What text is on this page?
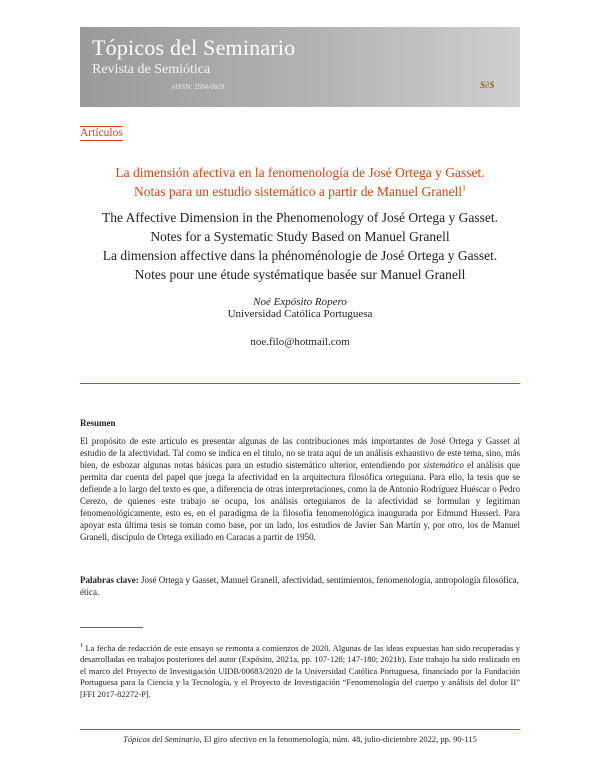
Tópicos del Seminario
Revista de Semiótica
eISSN: 2594-0619	S∂S
Artículos
La dimensión afectiva en la fenomenología de José Ortega y Gasset.
Notas para un estudio sistemático a partir de Manuel Granell$^1$
The Affective Dimension in the Phenomenology of José Ortega y Gasset.
Notes for a Systematic Study Based on Manuel Granell
La dimension affective dans la phénoménologie de José Ortega y Gasset.
Notes pour une étude systématique basée sur Manuel Granell
Noé Expósito Ropero
Universidad Católica Portuguesa
noe.filo@hotmail.com
Resumen

El propósito de este artículo es presentar algunas de las contribuciones más importantes de José Ortega y Gasset al estudio de la afectividad. Tal como se indica en el título, no se trata aquí de un análisis exhaustivo de este tema, sino, más bien, de esbozar algunas notas básicas para un estudio sistemático ulterior, entendiendo por sistemático el análisis que permita dar cuenta del papel que juega la afectividad en la arquitectura filosófica orteguiana. Para ello, la tesis que se defiende a lo largo del texto es que, a diferencia de otras interpretaciones, como la de Antonio Rodríguez Huéscar o Pedro Cerezo, de quienes este trabajo se ocupa, los análisis orteguianos de la afectividad se formulan y legitiman fenomenológicamente, esto es, en el paradigma de la filosofía fenomenológica inaugurada por Edmund Husserl. Para apoyar esta última tesis se toman como base, por un lado, los estudios de Javier San Martín y, por otro, los de Manuel Granell, discípulo de Ortega exiliado en Caracas a partir de 1950.

Palabras clave: José Ortega y Gasset, Manuel Granell, afectividad, sentimientos, fenomenología, antropología filosófica, ética.

$^1$ La fecha de redacción de este ensayo se remonta a comienzos de 2020. Algunas de las ideas expuestas han sido recuperadas y desarrolladas en trabajos posteriores del autor (Expósito, 2021a, pp. 107-128; 147-180; 2021b). Este trabajo ha sido realizado en el marco del Proyecto de Investigación UIDB/00683/2020 de la Universidad Católica Portuguesa, financiado por la Fundación Portuguesa para la Ciencia y la Tecnología, y el Proyecto de Investigación “Fenomenología del cuerpo y análisis del dolor II” [FFI 2017-82272-P].

Tópicos del Seminario, El giro afectivo en la fenomenología, núm. 48, julio-diciembre 2022, pp. 90-115
